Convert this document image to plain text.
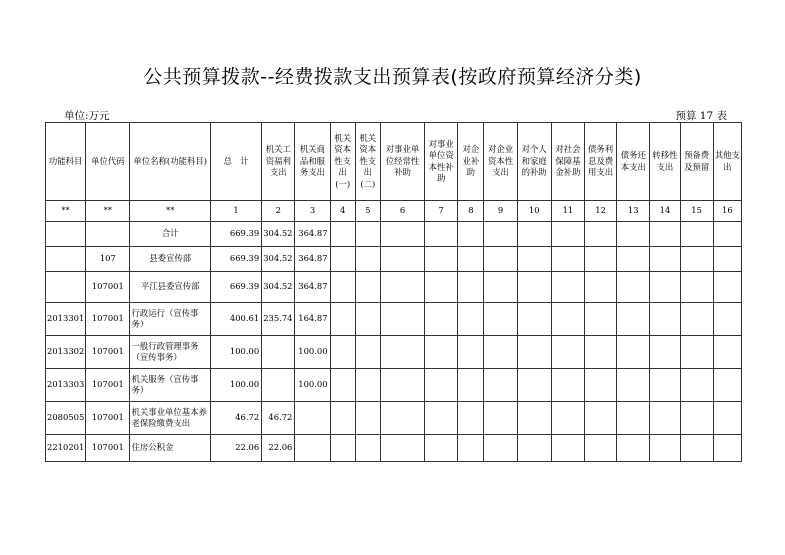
公共预算拨款--经费拨款支出预算表(按政府预算经济分类)
单位:万元	预算 17 表
功能科目	单位代码	单位名称(功能科目)	总　计	机关工资福利支出	机关商品和服务支出	机关资本性支出(一)	机关资本性支出(二)	对事业单位经常性补助	对事业单位资本性补助	对企业补助	对企业资本性支出	对个人和家庭的补助	对社会保障基金补助	债务利息及费用支出	债务还本支出	转移性支出	预备费及预留	其他支出
**	**	**	1	2	3	4	5	6	7	8	9	10	11	12	13	14	15	16
		合计	669.39	304.52	364.87													
	107	县委宣传部	669.39	304.52	364.87													
	107001	平江县委宣传部	669.39	304.52	364.87													
2013301	107001	行政运行（宣传事务）	400.61	235.74	164.87													
2013302	107001	一般行政管理事务（宣传事务）	100.00		100.00													
2013303	107001	机关服务（宣传事务）	100.00		100.00													
2080505	107001	机关事业单位基本养老保险缴费支出	46.72	46.72														
2210201	107001	住房公积金	22.06	22.06														
